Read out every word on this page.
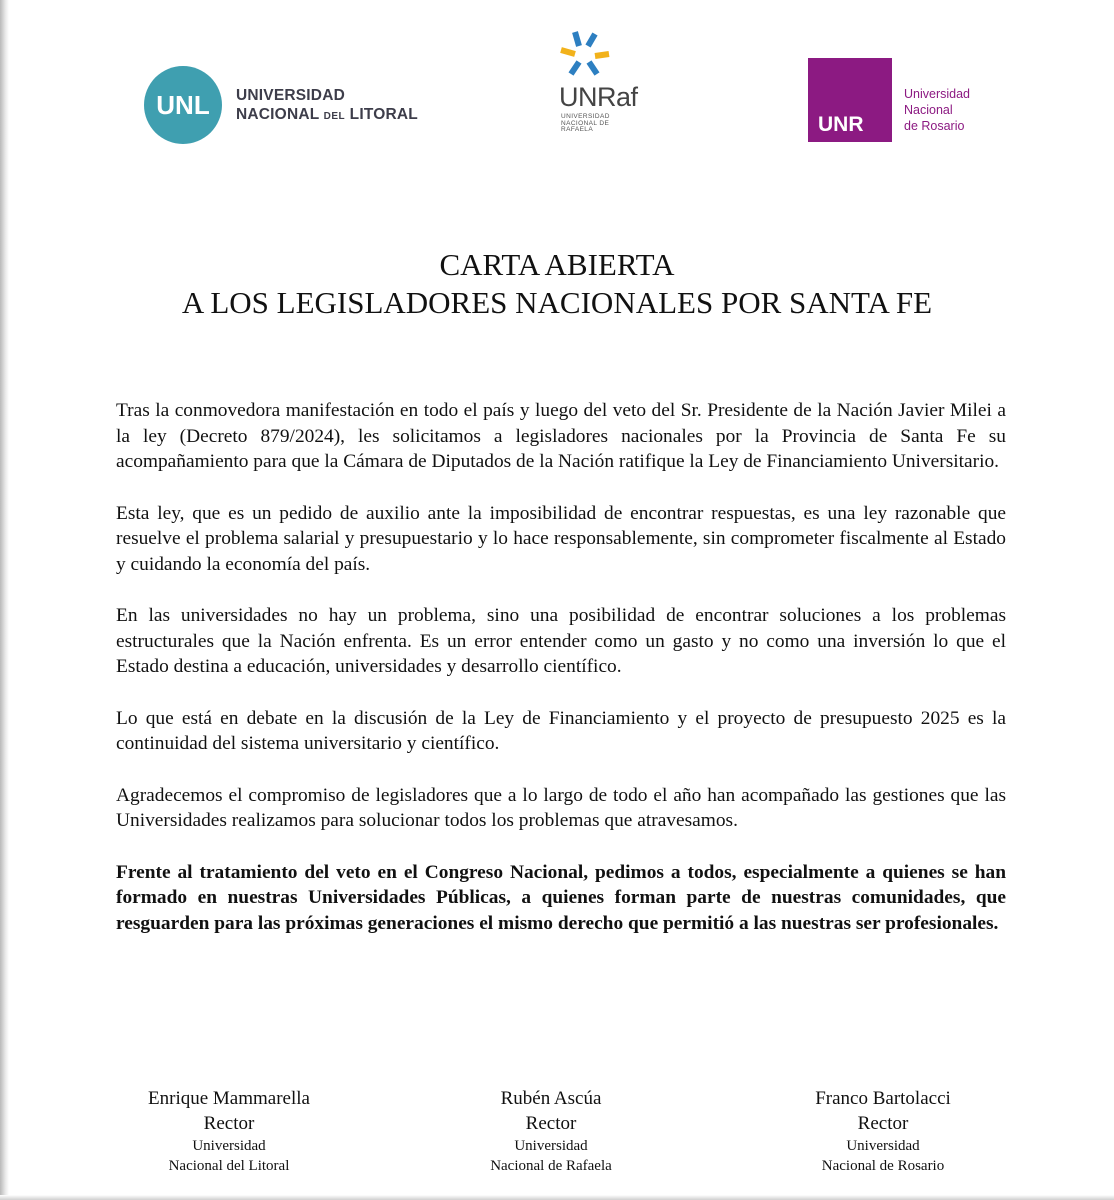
UNL UNIVERSIDAD
NACIONAL DEL LITORAL
UNRaf
UNIVERSIDAD
NACIONAL DE
RAFAELA	UNR
Universidad
Nacional
de Rosario
CARTA ABIERTA
A LOS LEGISLADORES NACIONALES POR SANTA FE

Tras la conmovedora manifestación en todo el país y luego del veto del Sr. Presidente de la Nación Javier Milei a la ley (Decreto 879/2024), les solicitamos a legisladores nacionales por la Provincia de Santa Fe su acompañamiento para que la Cámara de Diputados de la Nación ratifique la Ley de Financiamiento Universitario.

Esta ley, que es un pedido de auxilio ante la imposibilidad de encontrar respuestas, es una ley razonable que resuelve el problema salarial y presupuestario y lo hace responsablemente, sin comprometer fiscalmente al Estado y cuidando la economía del país.

En las universidades no hay un problema, sino una posibilidad de encontrar soluciones a los problemas estructurales que la Nación enfrenta. Es un error entender como un gasto y no como una inversión lo que el Estado destina a educación, universidades y desarrollo científico.

Lo que está en debate en la discusión de la Ley de Financiamiento y el proyecto de presupuesto 2025 es la continuidad del sistema universitario y científico.

Agradecemos el compromiso de legisladores que a lo largo de todo el año han acompañado las gestiones que las Universidades realizamos para solucionar todos los problemas que atravesamos.

Frente al tratamiento del veto en el Congreso Nacional, pedimos a todos, especialmente a quienes se han formado en nuestras Universidades Públicas, a quienes forman parte de nuestras comunidades, que resguarden para las próximas generaciones el mismo derecho que permitió a las nuestras ser profesionales.

Enrique Mammarella
Rector
Universidad
Nacional del Litoral
Rubén Ascúa
Rector
Universidad
Nacional de Rafaela
Franco Bartolacci
Rector
Universidad
Nacional de Rosario
